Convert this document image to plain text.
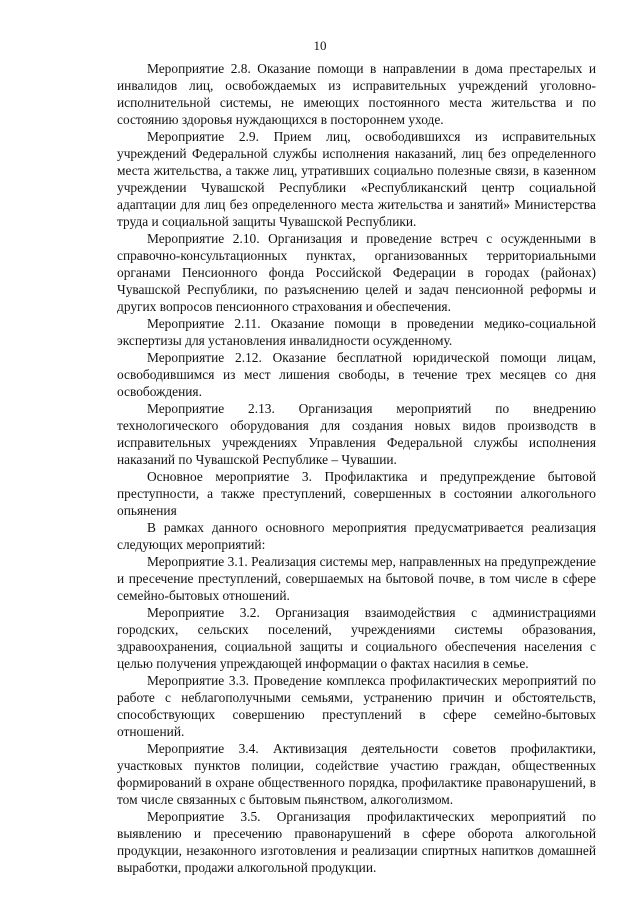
10

Мероприятие 2.8. Оказание помощи в направлении в дома престарелых и инвалидов лиц, освобождаемых из исправительных учреждений уголовно-исполнительной системы, не имеющих постоянного места жительства и по состоянию здоровья нуждающихся в постороннем уходе.

Мероприятие 2.9. Прием лиц, освободившихся из исправительных учреждений Федеральной службы исполнения наказаний, лиц без определенного места жительства, а также лиц, утративших социально полезные связи, в казенном учреждении Чувашской Республики «Республиканский центр социальной адаптации для лиц без определенного места жительства и занятий» Министерства труда и социальной защиты Чувашской Республики.

Мероприятие 2.10. Организация и проведение встреч с осужденными в справочно-консультационных пунктах, организованных территориальными органами Пенсионного фонда Российской Федерации в городах (районах) Чувашской Республики, по разъяснению целей и задач пенсионной реформы и других вопросов пенсионного страхования и обеспечения.

Мероприятие 2.11. Оказание помощи в проведении медико-социальной экспертизы для установления инвалидности осужденному.

Мероприятие 2.12. Оказание бесплатной юридической помощи лицам, освободившимся из мест лишения свободы, в течение трех месяцев со дня освобождения.

Мероприятие 2.13. Организация мероприятий по внедрению технологического оборудования для создания новых видов производств в исправительных учреждениях Управления Федеральной службы исполнения наказаний по Чувашской Республике – Чувашии.

Основное мероприятие 3. Профилактика и предупреждение бытовой преступности, а также преступлений, совершенных в состоянии алкогольного опьянения

В рамках данного основного мероприятия предусматривается реализация следующих мероприятий:

Мероприятие 3.1. Реализация системы мер, направленных на предупреждение и пресечение преступлений, совершаемых на бытовой почве, в том числе в сфере семейно-бытовых отношений.

Мероприятие 3.2. Организация взаимодействия с администрациями городских, сельских поселений, учреждениями системы образования, здравоохранения, социальной защиты и социального обеспечения населения с целью получения упреждающей информации о фактах насилия в семье.

Мероприятие 3.3. Проведение комплекса профилактических мероприятий по работе с неблагополучными семьями, устранению причин и обстоятельств, способствующих совершению преступлений в сфере семейно-бытовых отношений.

Мероприятие 3.4. Активизация деятельности советов профилактики, участковых пунктов полиции, содействие участию граждан, общественных формирований в охране общественного порядка, профилактике правонарушений, в том числе связанных с бытовым пьянством, алкоголизмом.

Мероприятие 3.5. Организация профилактических мероприятий по выявлению и пресечению правонарушений в сфере оборота алкогольной продукции, незаконного изготовления и реализации спиртных напитков домашней выработки, продажи алкогольной продукции.
